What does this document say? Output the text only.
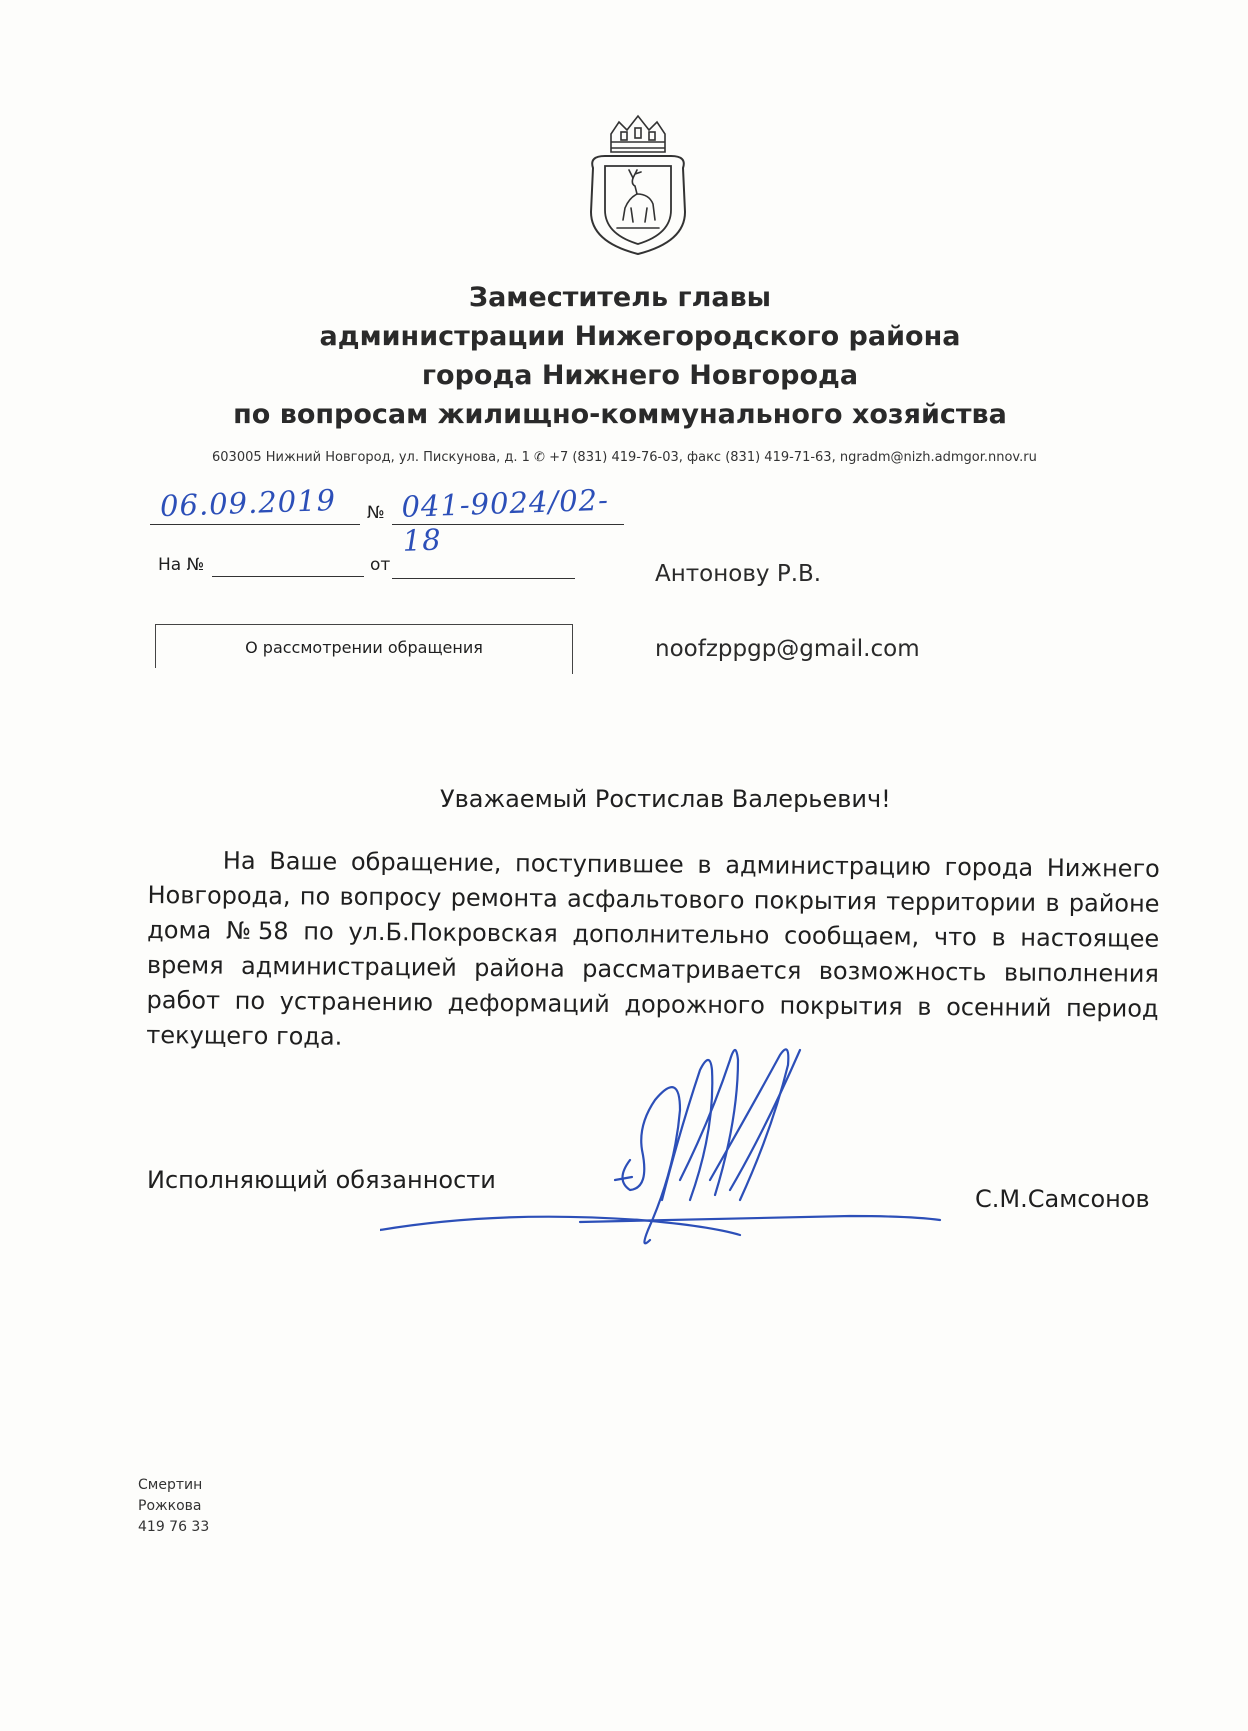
Заместитель главы
администрации Нижегородского района
города Нижнего Новгорода
по вопросам жилищно-коммунального хозяйства
603005 Нижний Новгород, ул. Пискунова, д. 1 ✆ +7 (831) 419-76-03, факс (831) 419-71-63, ngradm@nizh.admgor.nnov.ru
06.09.2019 № 041-9024/02-18
На №	от	Антонову Р.В.
noofzppgp@gmail.com
О рассмотрении обращения
Уважаемый Ростислав Валерьевич!

На Ваше обращение, поступившее в администрацию города Нижнего Новгорода, по вопросу ремонта асфальтового покрытия территории в районе дома №58 по ул.Б.Покровская дополнительно сообщаем, что в настоящее время администрацией района рассматривается возможность выполнения работ по устранению деформаций дорожного покрытия в осенний период текущего года.

Исполняющий обязанности
С.М.Самсонов
Смертин
Рожкова
419 76 33
